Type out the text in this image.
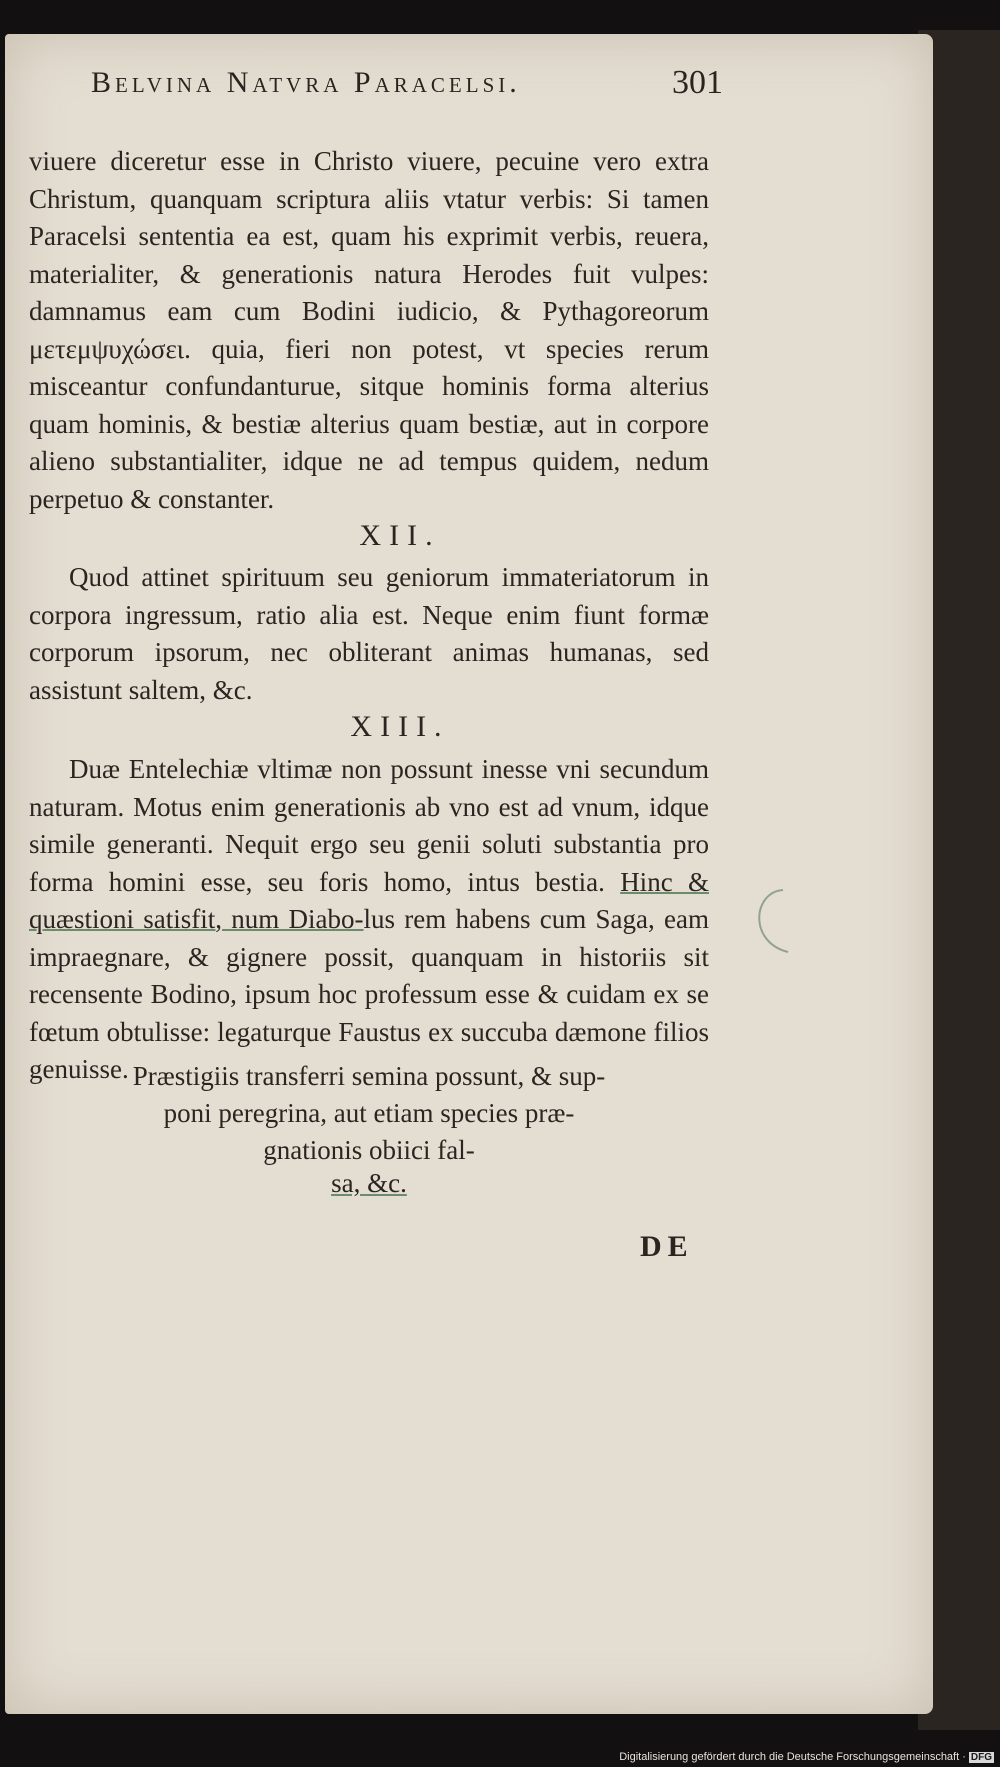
Belvina Natvra Paracelsi.	301
viuere diceretur esse in Christo viuere, pecuine vero extra Christum, quanquam scriptura aliis vtatur verbis: Si tamen Paracelsi sententia ea est, quam his exprimit verbis, reuera, materialiter, & generationis natura Herodes fuit vulpes: damnamus eam cum Bodini iudicio, & Pythagoreorum μετεμψυχώσει. quia, fieri non potest, vt species rerum misceantur confundanturue, sitque hominis forma alterius quam hominis, & bestiæ alterius quam bestiæ, aut in corpore alieno substantialiter, idque ne ad tempus quidem, nedum perpetuo & constanter.
XII.
Quod attinet spirituum seu geniorum immateriatorum in corpora ingressum, ratio alia est. Neque enim fiunt formæ corporum ipsorum, nec obliterant animas humanas, sed assistunt saltem, &c.
XIII.
Duæ Entelechiæ vltimæ non possunt inesse vni secundum naturam. Motus enim generationis ab vno est ad vnum, idque simile generanti. Nequit ergo seu genii soluti substantia pro forma homini esse, seu foris homo, intus bestia. Hinc & quæstioni satisfit, num Diabo-lus rem habens cum Saga, eam impraegnare, & gignere possit, quanquam in historiis sit recensente Bodino, ipsum hoc professum esse & cuidam ex se fœtum obtulisse: legaturque Faustus ex succuba dæmone filios genuisse. Præstigiis transferri semina possunt, & sup-
poni peregrina, aut etiam species præ-
gnationis obiici fal-
sa, &c.
DE
Digitalisierung gefördert durch die Deutsche Forschungsgemeinschaft · DFG
